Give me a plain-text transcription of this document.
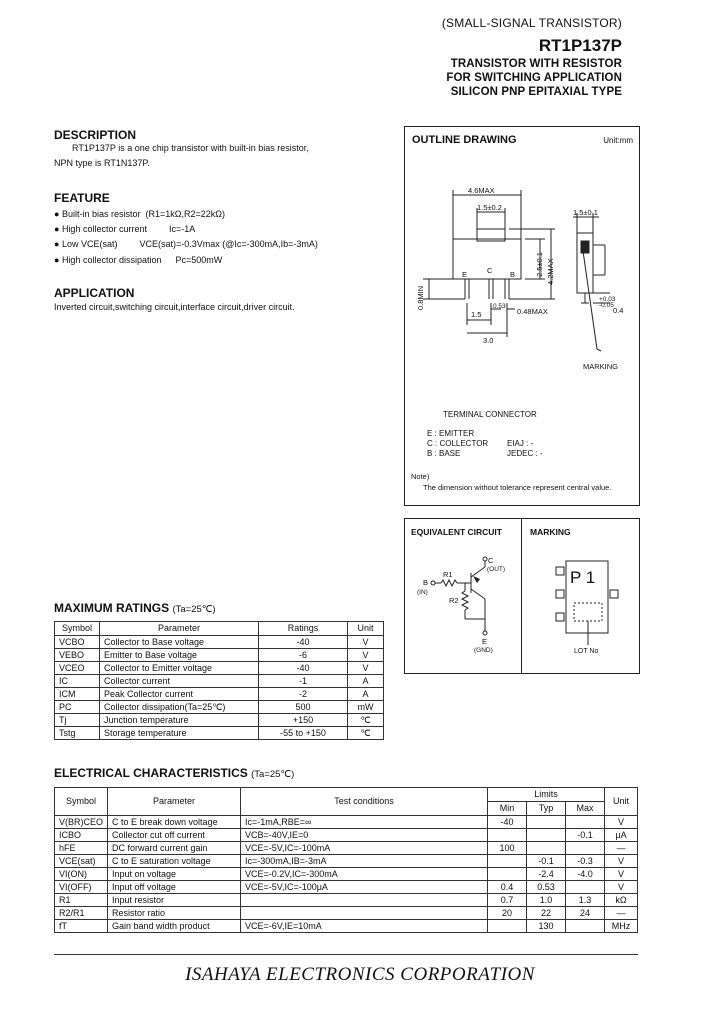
(SMALL-SIGNAL TRANSISTOR)
RT1P137P
TRANSISTOR WITH RESISTOR
FOR SWITCHING APPLICATION
SILICON PNP EPITAXIAL TYPE
DESCRIPTION
RT1P137P is a one chip transistor with built-in bias resistor,
NPN type is RT1N137P.
FEATURE
● Built-in bias resistor (R1=1kΩ,R2=22kΩ)
● High collector current Ic=-1A
● Low VCE(sat) VCE(sat)=-0.3Vmax (@Ic=-300mA,Ib=-3mA)
● High collector dissipation Pc=500mW
APPLICATION
Inverted circuit,switching circuit,interface circuit,driver circuit.
OUTLINE DRAWING	Unit:mm
4.6MAX
1.5±0.2
1.5±0.1
2.5±0.1 4.2MAX
0.8MIN
1.5
3.0
0.53
0.48MAX
+0.03
-0.05
0.4
E	C B
MARKING
TERMINAL CONNECTOR
E : EMITTER
C : COLLECTOR
B : BASE
EIAJ : -
JEDEC : -
Note)
The dimension without tolerance represent central value.
EQUIVALENT CIRCUIT
C
(OUT)
B
(IN)
R1
R2
E
(GND)
MARKING
P 1
LOT No
MAXIMUM RATINGS (Ta=25℃)
Symbol	Parameter	Ratings	Unit
VCBO	Collector to Base voltage	-40	V
VEBO	Emitter to Base voltage	-6	V
VCEO	Collector to Emitter voltage	-40	V
IC	Collector current	-1	A
ICM	Peak Collector current	-2	A
PC	Collector dissipation(Ta=25℃)	500	mW
Tj	Junction temperature	+150	℃
Tstg	Storage temperature	-55 to +150	℃
ELECTRICAL CHARACTERISTICS (Ta=25℃)
Symbol	Parameter	Test conditions	Limits			Unit
			Min	Typ	Max	
V(BR)CEO	C to E break down voltage	Ic=-1mA,RBE=∞	-40			V
ICBO	Collector cut off current	VCB=-40V,IE=0			-0.1	μA
hFE	DC forward current gain	VCE=-5V,IC=-100mA	100			—
VCE(sat)	C to E saturation voltage	Ic=-300mA,IB=-3mA		-0.1	-0.3	V
VI(ON)	Input on voltage	VCE=-0.2V,IC=-300mA		-2.4	-4.0	V
VI(OFF)	Input off voltage	VCE=-5V,IC=-100μA	0.4	0.53		V
R1	Input resistor		0.7	1.0	1.3	kΩ
R2/R1	Resistor ratio		20	22	24	—
fT	Gain band width product	VCE=-6V,IE=10mA		130		MHz
ISAHAYA ELECTRONICS CORPORATION
